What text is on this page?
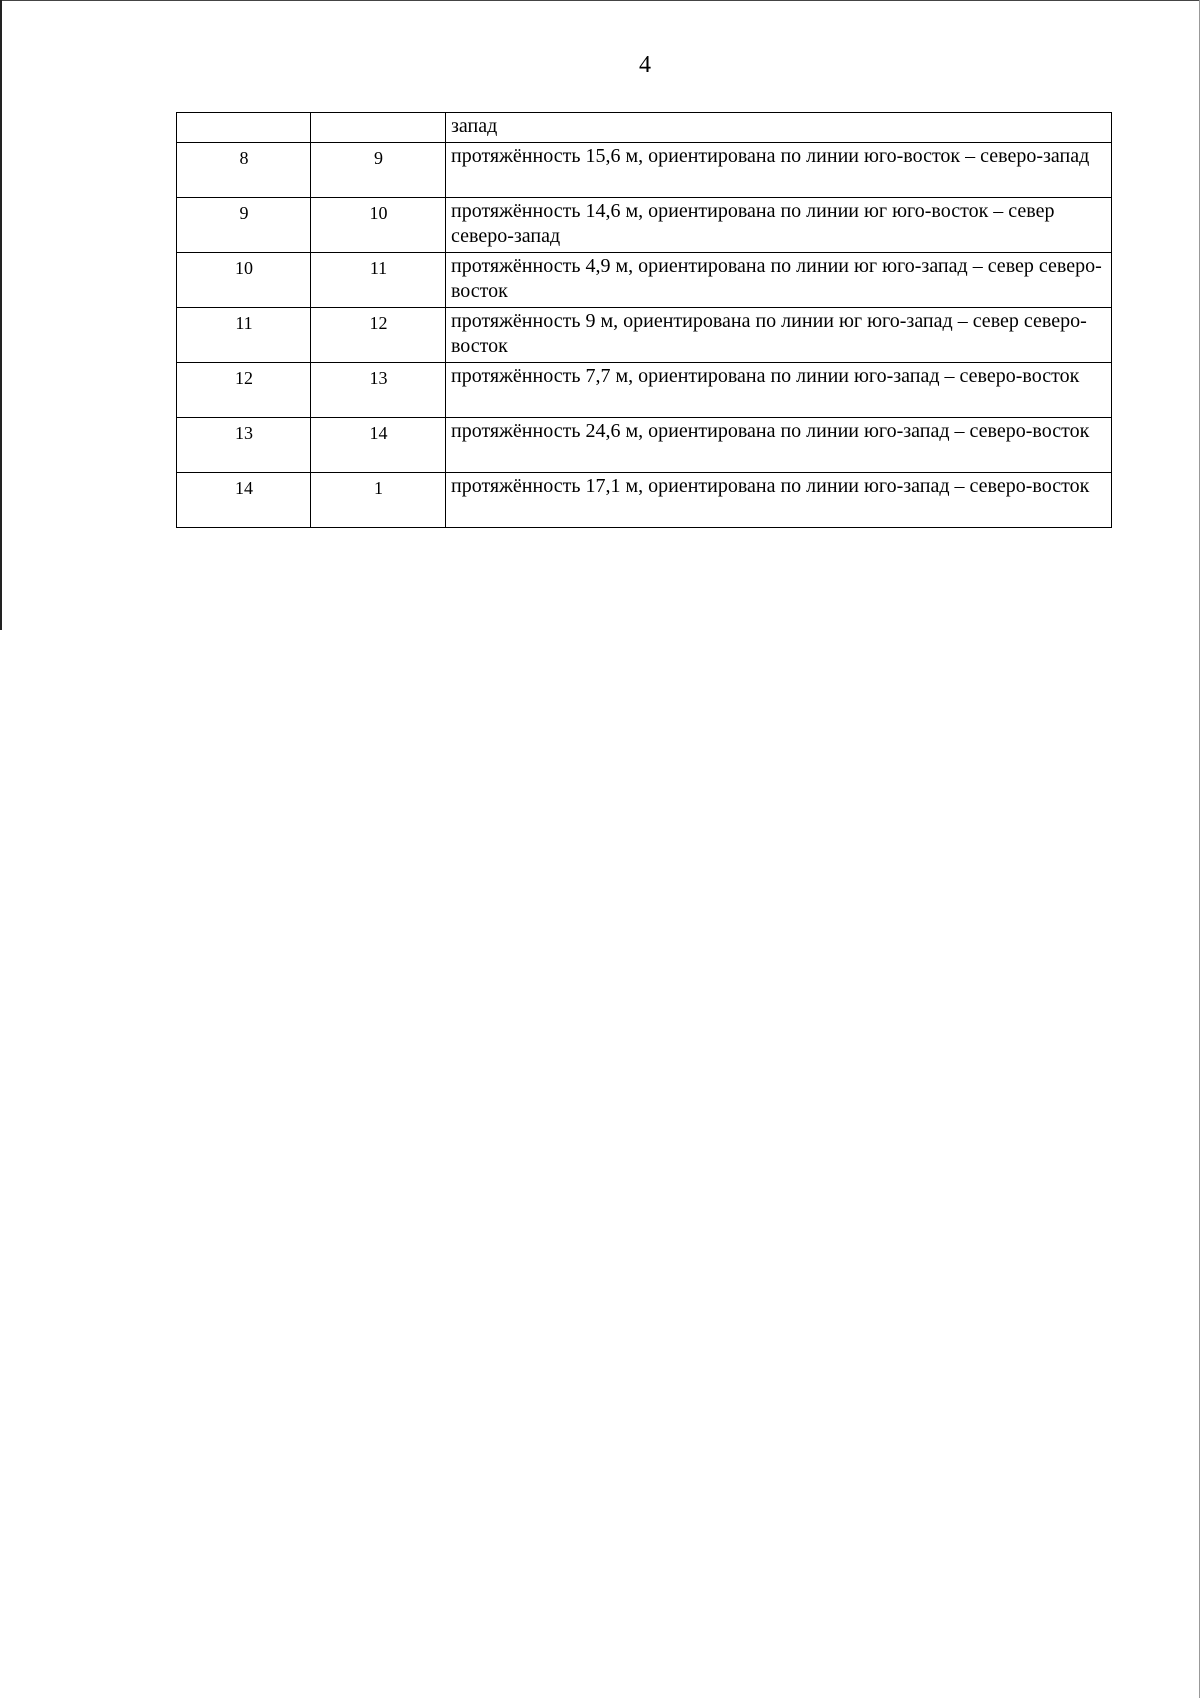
4
		запад
8	9	протяжённость 15,6 м, ориентирована по линии юго-восток – северо-запад
9	10	протяжённость 14,6 м, ориентирована по линии юг юго-восток – север северо-запад
10	11	протяжённость 4,9 м, ориентирована по линии юг юго-запад – север северо-восток
11	12	протяжённость 9 м, ориентирована по линии юг юго-запад – север северо-восток
12	13	протяжённость 7,7 м, ориентирована по линии юго-запад – северо-восток
13	14	протяжённость 24,6 м, ориентирована по линии юго-запад – северо-восток
14	1	протяжённость 17,1 м, ориентирована по линии юго-запад – северо-восток
